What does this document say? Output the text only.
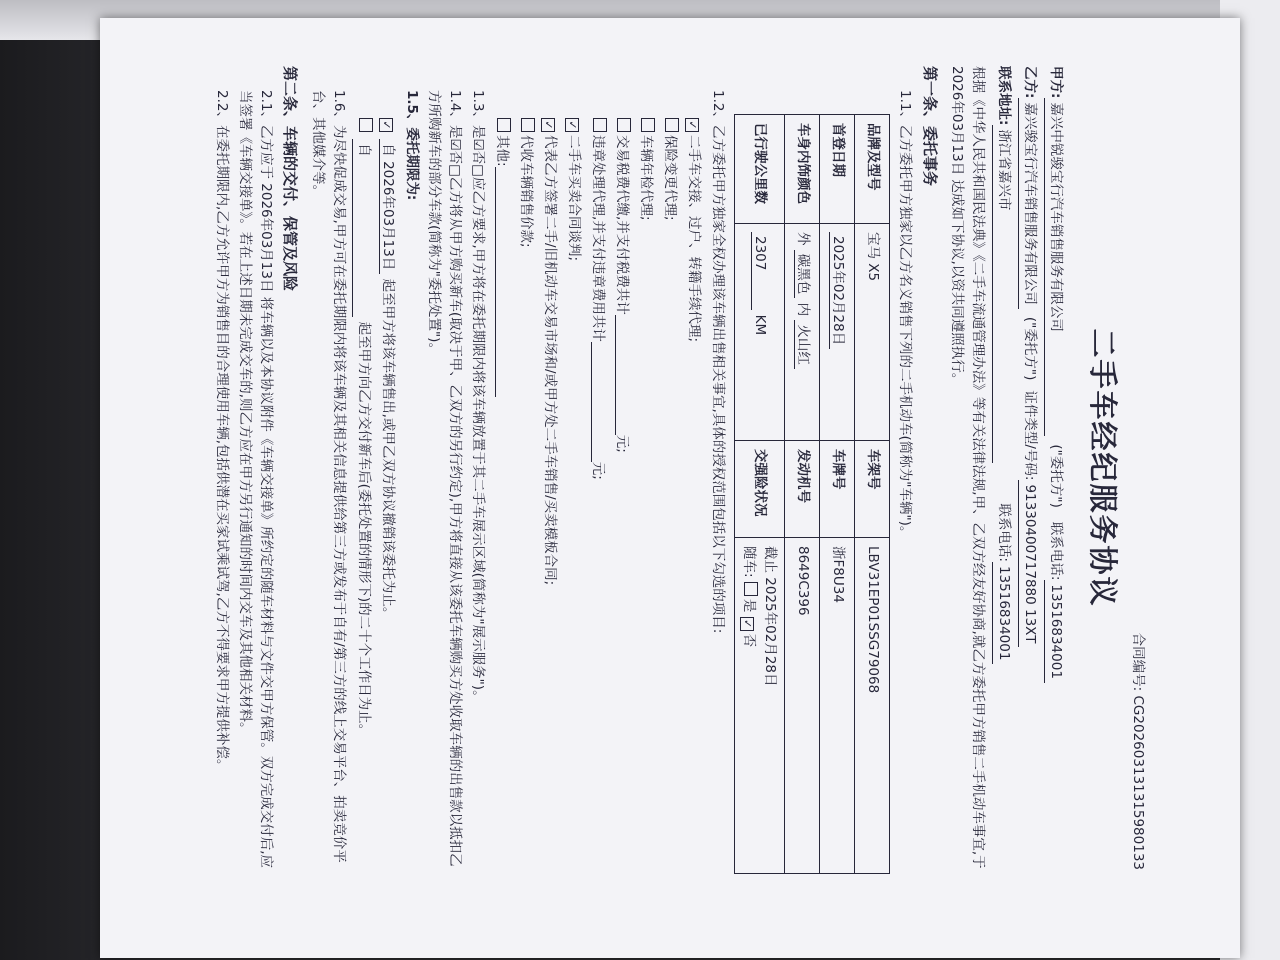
合同编号: CG202603131315980133
二手车经纪服务协议
甲方:
嘉兴中锐骏宝行汽车销售服务有限公司
("委托方")
联系电话:
13516834001
乙方:
嘉兴骏宝行汽车销售服务有限公司
("委托方")
证件类型/号码:
91330400717880 13XT
联系地址:
浙江省嘉兴市
联系电话:
13516834001
根据《中华人民共和国民法典》《二手车流通管理办法》等有关法律法规,甲、乙双方经友好协商,就乙方委托甲方销售二手机动车事宜,于 2026年03月13日 达成如下协议,以资共同遵照执行。
第一条、委托事务
1.1、乙方委托甲方独家以乙方名义销售下列的二手机动车(简称为"车辆")。
品牌及型号	宝马 X5	车架号	LBV31EP01SSG79068
首登日期	2025年02月28日	车牌号	浙F8U34
车身内饰颜色	外 碳黑色 内 火山红	发动机号	8649C396
已行驶公里数	2307 KM	交强险状况	截止 2025年02月28日
随车: 是 ✓否
1.2、乙方委托甲方独家全权办理该车辆出售相关事宜,具体的授权范围包括以下勾选的项目:
✓二手车交接、过户、转籍手续代理;
保险变更代理;
车辆年检代理;
交易税费代缴,并支付税费共计元;
违章处理代理,并支付违章费用共计元;
✓二手车买卖合同谈判;
✓代表乙方签署二手/旧机动车交易市场和/或甲方处二手车销售/买卖模板合同;
代收车辆销售价款;
其他:
1.3、是☑否□应乙方要求,甲方将在委托期限内将该车辆放置于其二手车展示区域(简称为"展示服务")。
1.4、是☑否□乙方将从甲方购买新车(取决于甲、乙双方的另行约定),甲方将直接从该委托车辆购买方处收取车辆的出售款以抵扣乙方所购新车的部分车款(简称为"委托处置")。
1.5、委托期限为:
✓ 自 2026年03月13日 起至甲方将该车辆售出,或甲乙双方协议撤销该委托为止。
自 起至甲方向乙方交付新车后(委托处置的情形下)的二十个工作日为止。
1.6、为尽快促成交易,甲方可在委托期限内将该车辆及其相关信息提供给第三方或发布于自有/第三方的线上交易平台、拍卖竞价平台、其他媒介等。
第二条、车辆的交付、保管及风险
2.1、乙方应于 2026年03月13日 将车辆以及本协议附件《车辆交接单》所约定的随车材料与文件交甲方保管。双方完成交付后,应当签署《车辆交接单》。若在上述日期未完成交车的,则乙方应在甲方另行通知的时间内交车及其他相关材料。
2.2、在委托期限内,乙方允许甲方为销售目的合理使用车辆,包括供潜在买家试乘试驾,乙方不得要求甲方提供补偿。
